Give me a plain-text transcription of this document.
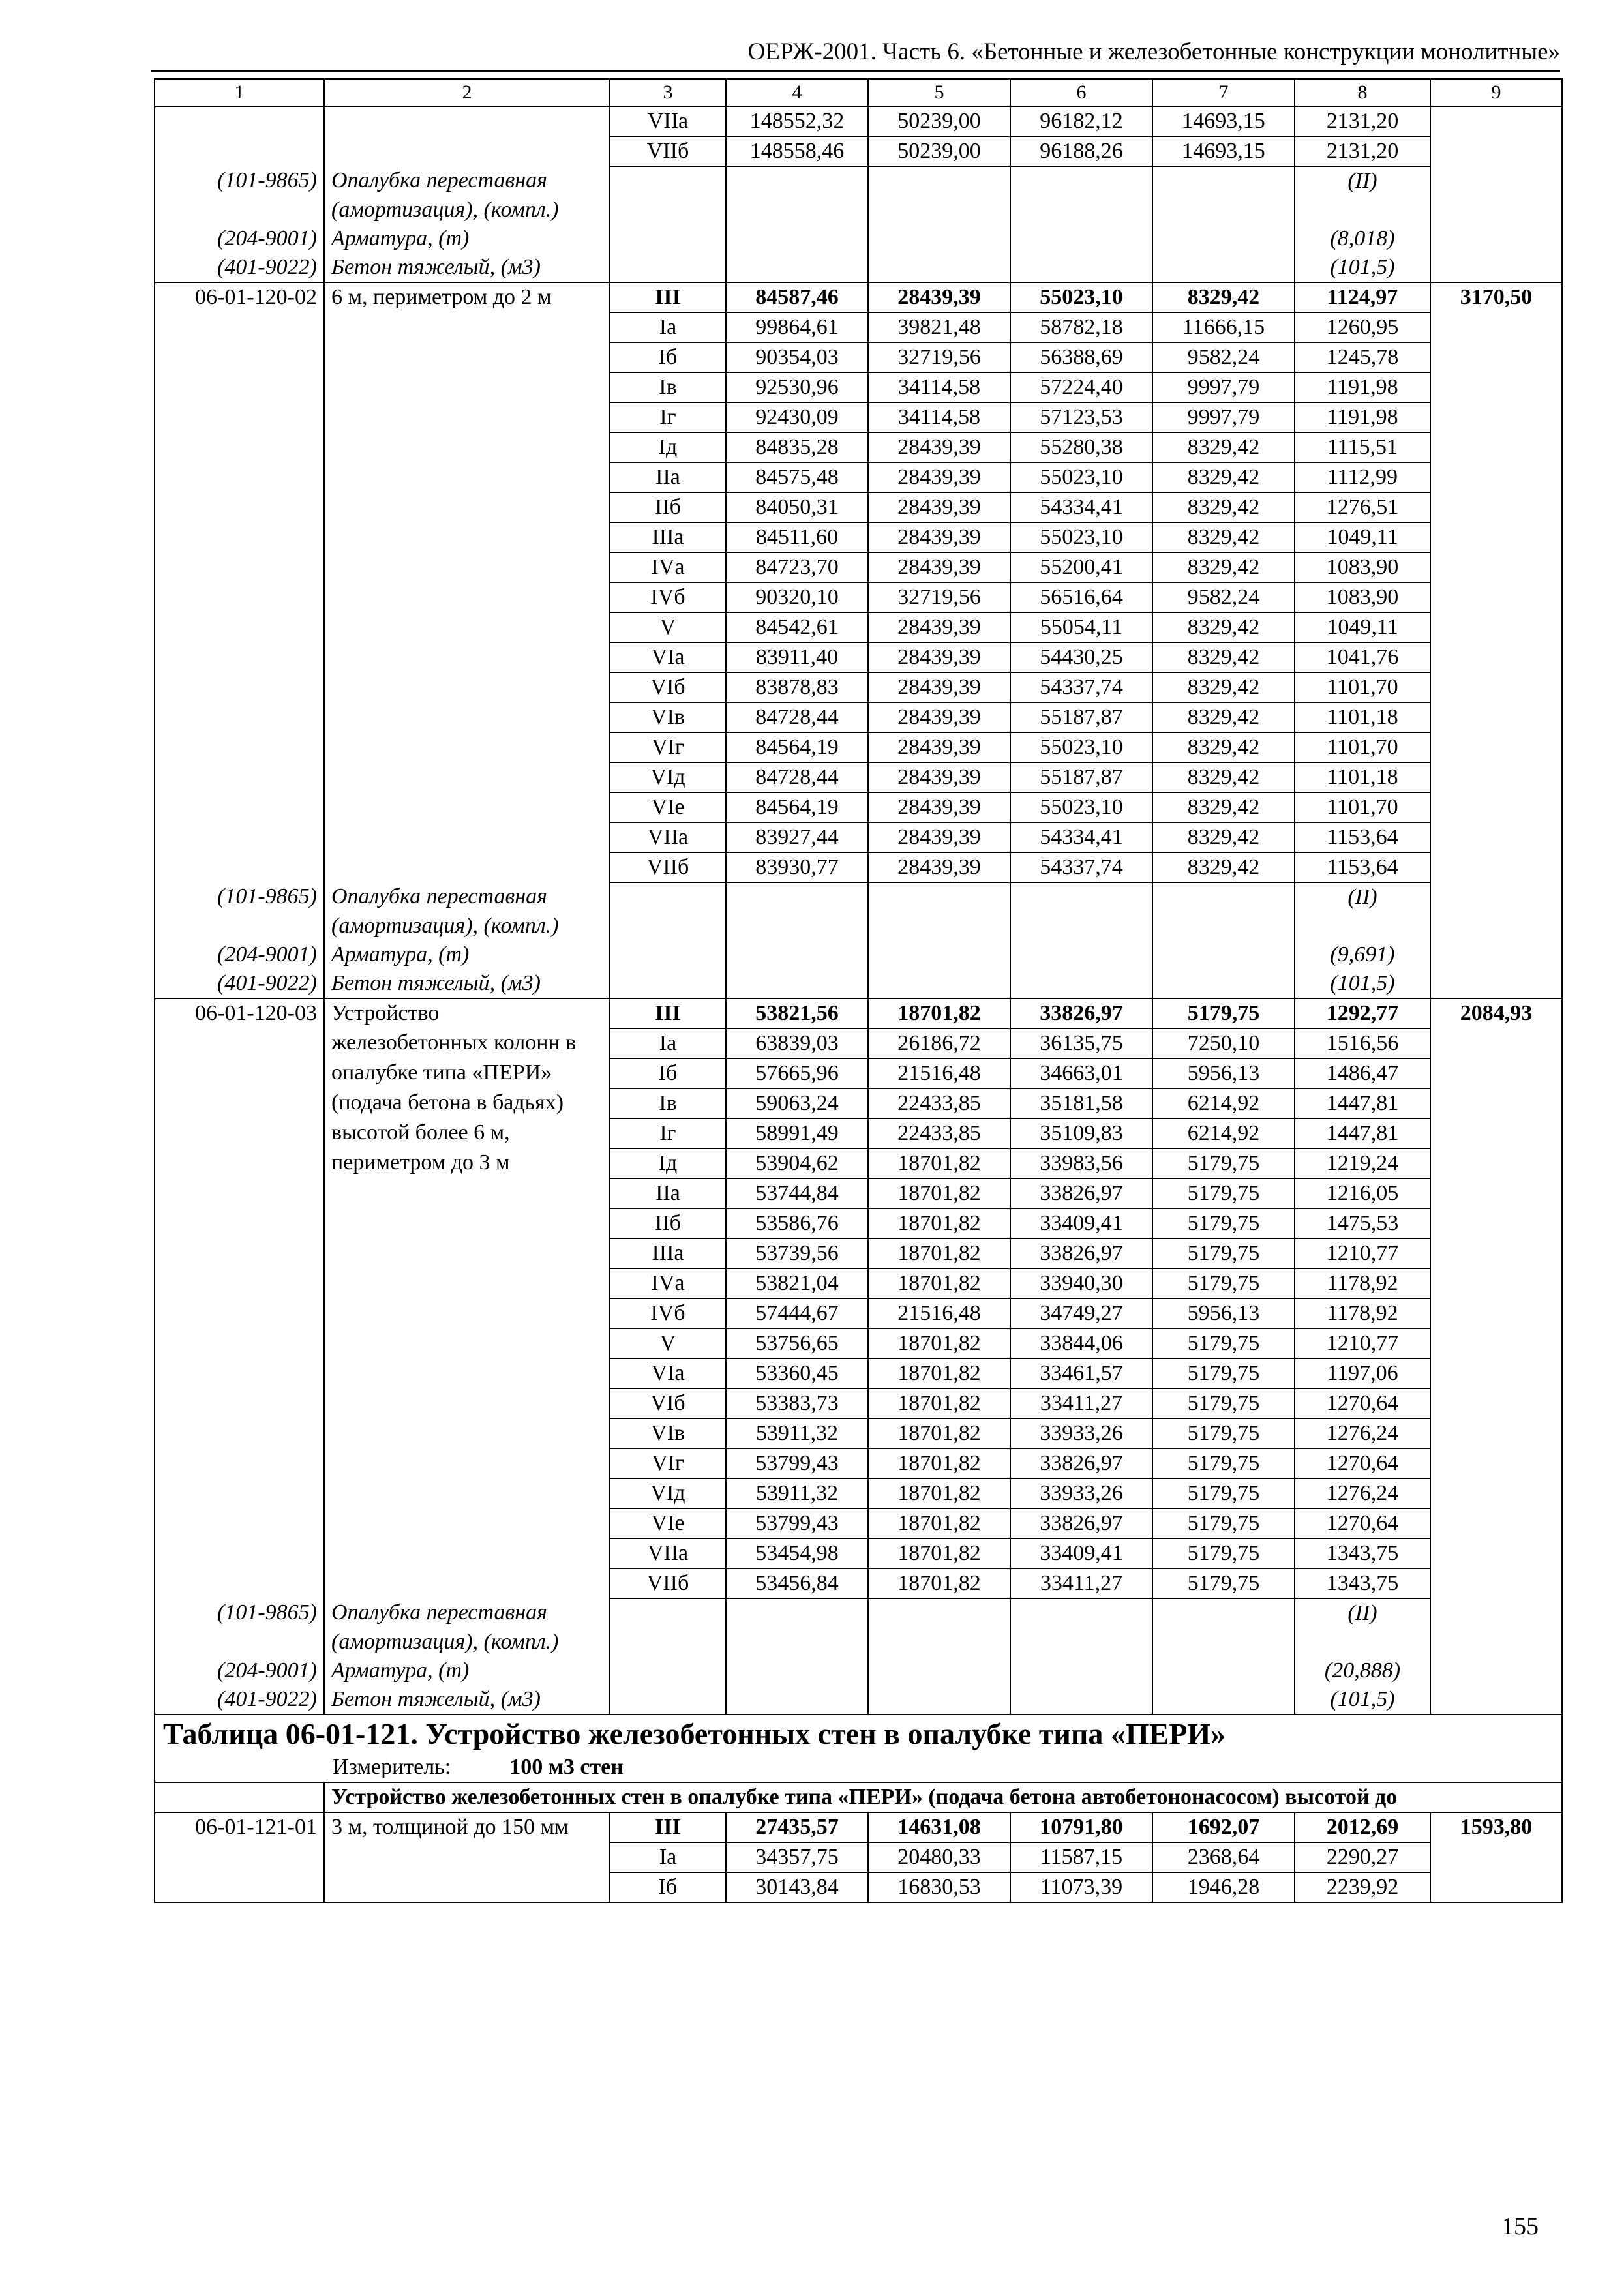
ОЕРЖ-2001. Часть 6. «Бетонные и железобетонные конструкции монолитные»
1	2	3	4	5	6	7	8	9
		VIIа	148552,32	50239,00	96182,12	14693,15	2131,20	
		VIIб	148558,46	50239,00	96188,26	14693,15	2131,20	
(101-9865)	Опалубка переставная						(II)	
	(амортизация), (компл.)							
(204-9001)	Арматура, (т)						(8,018)	
(401-9022)	Бетон тяжелый, (м3)						(101,5)	
06-01-120-02	6 м, периметром до 2 м	III	84587,46	28439,39	55023,10	8329,42	1124,97	3170,50
		Iа	99864,61	39821,48	58782,18	11666,15	1260,95	
		Iб	90354,03	32719,56	56388,69	9582,24	1245,78	
		Iв	92530,96	34114,58	57224,40	9997,79	1191,98	
		Iг	92430,09	34114,58	57123,53	9997,79	1191,98	
		Iд	84835,28	28439,39	55280,38	8329,42	1115,51	
		IIа	84575,48	28439,39	55023,10	8329,42	1112,99	
		IIб	84050,31	28439,39	54334,41	8329,42	1276,51	
		IIIа	84511,60	28439,39	55023,10	8329,42	1049,11	
		IVа	84723,70	28439,39	55200,41	8329,42	1083,90	
		IVб	90320,10	32719,56	56516,64	9582,24	1083,90	
		V	84542,61	28439,39	55054,11	8329,42	1049,11	
		VIа	83911,40	28439,39	54430,25	8329,42	1041,76	
		VIб	83878,83	28439,39	54337,74	8329,42	1101,70	
		VIв	84728,44	28439,39	55187,87	8329,42	1101,18	
		VIг	84564,19	28439,39	55023,10	8329,42	1101,70	
		VIд	84728,44	28439,39	55187,87	8329,42	1101,18	
		VIе	84564,19	28439,39	55023,10	8329,42	1101,70	
		VIIа	83927,44	28439,39	54334,41	8329,42	1153,64	
		VIIб	83930,77	28439,39	54337,74	8329,42	1153,64	
(101-9865)	Опалубка переставная						(II)	
	(амортизация), (компл.)							
(204-9001)	Арматура, (т)						(9,691)	
(401-9022)	Бетон тяжелый, (м3)						(101,5)	
06-01-120-03	Устройство	III	53821,56	18701,82	33826,97	5179,75	1292,77	2084,93
	железобетонных колонн в	Iа	63839,03	26186,72	36135,75	7250,10	1516,56	
	опалубке типа «ПЕРИ»	Iб	57665,96	21516,48	34663,01	5956,13	1486,47	
	(подача бетона в бадьях)	Iв	59063,24	22433,85	35181,58	6214,92	1447,81	
	высотой более 6 м,	Iг	58991,49	22433,85	35109,83	6214,92	1447,81	
	периметром до 3 м	Iд	53904,62	18701,82	33983,56	5179,75	1219,24	
		IIа	53744,84	18701,82	33826,97	5179,75	1216,05	
		IIб	53586,76	18701,82	33409,41	5179,75	1475,53	
		IIIа	53739,56	18701,82	33826,97	5179,75	1210,77	
		IVа	53821,04	18701,82	33940,30	5179,75	1178,92	
		IVб	57444,67	21516,48	34749,27	5956,13	1178,92	
		V	53756,65	18701,82	33844,06	5179,75	1210,77	
		VIа	53360,45	18701,82	33461,57	5179,75	1197,06	
		VIб	53383,73	18701,82	33411,27	5179,75	1270,64	
		VIв	53911,32	18701,82	33933,26	5179,75	1276,24	
		VIг	53799,43	18701,82	33826,97	5179,75	1270,64	
		VIд	53911,32	18701,82	33933,26	5179,75	1276,24	
		VIе	53799,43	18701,82	33826,97	5179,75	1270,64	
		VIIа	53454,98	18701,82	33409,41	5179,75	1343,75	
		VIIб	53456,84	18701,82	33411,27	5179,75	1343,75	
(101-9865)	Опалубка переставная						(II)	
	(амортизация), (компл.)							
(204-9001)	Арматура, (т)						(20,888)	
(401-9022)	Бетон тяжелый, (м3)						(101,5)	
Таблица 06-01-121. Устройство железобетонных стен в опалубке типа «ПЕРИ»								
Измеритель: 100 м3 стен								
	Устройство железобетонных стен в опалубке типа «ПЕРИ» (подача бетона автобетононасосом) высотой до							
06-01-121-01	3 м, толщиной до 150 мм	III	27435,57	14631,08	10791,80	1692,07	2012,69	1593,80
		Iа	34357,75	20480,33	11587,15	2368,64	2290,27	
		Iб	30143,84	16830,53	11073,39	1946,28	2239,92	
155
